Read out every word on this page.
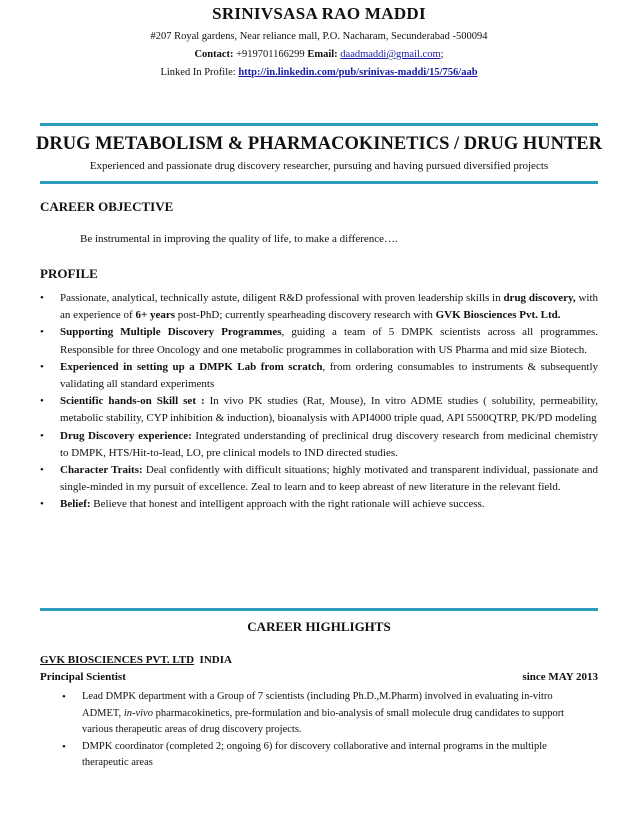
SRINIVSASA RAO MADDI
#207 Royal gardens, Near reliance mall, P.O. Nacharam, Secunderabad -500094
Contact: +919701166299 Email: daadmaddi@gmail.com;
Linked In Profile: http://in.linkedin.com/pub/srinivas-maddi/15/756/aab
DRUG METABOLISM & PHARMACOKINETICS / DRUG HUNTER
Experienced and passionate drug discovery researcher, pursuing and having pursued diversified projects
CAREER OBJECTIVE
Be instrumental in improving the quality of life, to make a difference….
PROFILE
•	Passionate, analytical, technically astute, diligent R&D professional with proven leadership skills in drug discovery, with an experience of 6+ years post-PhD; currently spearheading discovery research with GVK Biosciences Pvt. Ltd.
•	Supporting Multiple Discovery Programmes, guiding a team of 5 DMPK scientists across all programmes. Responsible for three Oncology and one metabolic programmes in collaboration with US Pharma and mid size Biotech.
•	Experienced in setting up a DMPK Lab from scratch, from ordering consumables to instruments & subsequently validating all standard experiments
•	Scientific hands-on Skill set : In vivo PK studies (Rat, Mouse), In vitro ADME studies ( solubility, permeability, metabolic stability, CYP inhibition & induction), bioanalysis with API4000 triple quad, API 5500QTRP, PK/PD modeling
•	Drug Discovery experience: Integrated understanding of preclinical drug discovery research from medicinal chemistry to DMPK, HTS/Hit-to-lead, LO, pre clinical models to IND directed studies.
•	Character Traits: Deal confidently with difficult situations; highly motivated and transparent individual, passionate and single-minded in my pursuit of excellence. Zeal to learn and to keep abreast of new literature in the relevant field.
•	Belief: Believe that honest and intelligent approach with the right rationale will achieve success.
CAREER HIGHLIGHTS
GVK BIOSCIENCES PVT. LTD INDIA
Principal Scientist	since MAY 2013
•	Lead DMPK department with a Group of 7 scientists (including Ph.D.,M.Pharm) involved in evaluating in-vitro ADMET, in-vivo pharmacokinetics, pre-formulation and bio-analysis of small molecule drug candidates to support various therapeutic areas of drug discovery projects.
•	DMPK coordinator (completed 2; ongoing 6) for discovery collaborative and internal programs in the multiple therapeutic areas
